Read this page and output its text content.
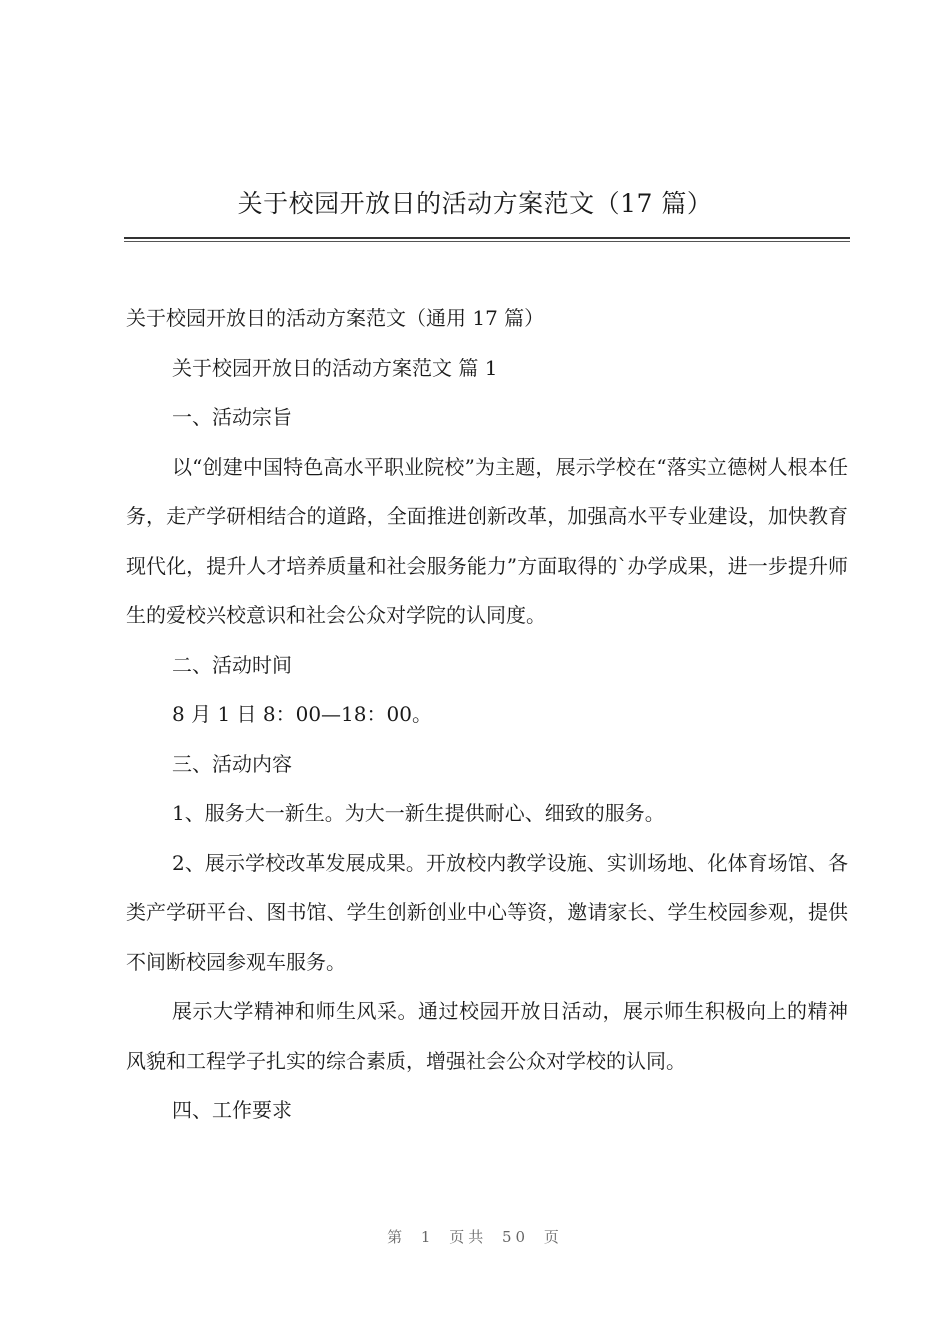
关于校园开放日的活动方案范文（17 篇）

关于校园开放日的活动方案范文（通用 17 篇）

关于校园开放日的活动方案范文 篇 1

一、活动宗旨

以“创建中国特色高水平职业院校”为主题，展示学校在“落实立德树人根本任务，走产学研相结合的道路，全面推进创新改革，加强高水平专业建设，加快教育现代化，提升人才培养质量和社会服务能力”方面取得的`办学成果，进一步提升师生的爱校兴校意识和社会公众对学院的认同度。

二、活动时间

8 月 1 日 8：00—18：00。

三、活动内容

1、服务大一新生。为大一新生提供耐心、细致的服务。

2、展示学校改革发展成果。开放校内教学设施、实训场地、化体育场馆、各类产学研平台、图书馆、学生创新创业中心等资，邀请家长、学生校园参观，提供不间断校园参观车服务。

展示大学精神和师生风采。通过校园开放日活动，展示师生积极向上的精神风貌和工程学子扎实的综合素质，增强社会公众对学校的认同。

四、工作要求

第 1 页共 50 页
